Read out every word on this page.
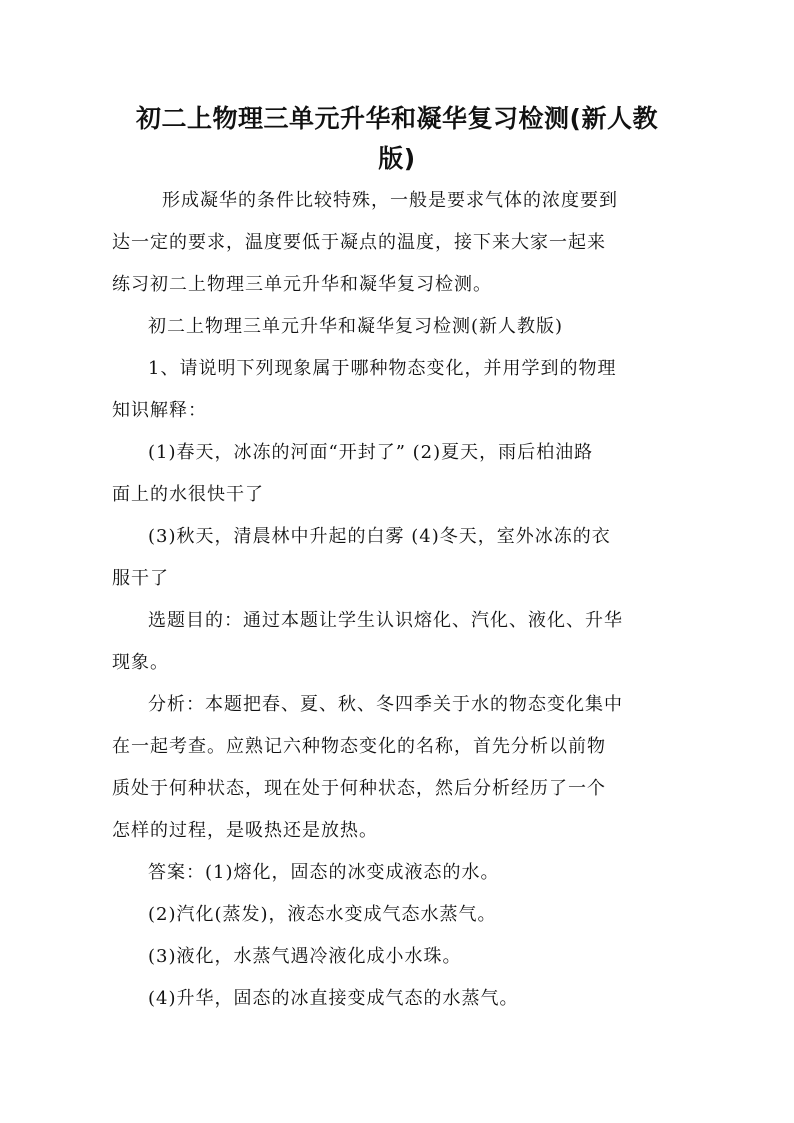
初二上物理三单元升华和凝华复习检测(新人教
版)

形成凝华的条件比较特殊，一般是要求气体的浓度要到

达一定的要求，温度要低于凝点的温度，接下来大家一起来

练习初二上物理三单元升华和凝华复习检测。

初二上物理三单元升华和凝华复习检测(新人教版)

1、请说明下列现象属于哪种物态变化，并用学到的物理

知识解释：

(1)春天，冰冻的河面“开封了” (2)夏天，雨后柏油路

面上的水很快干了

(3)秋天，清晨林中升起的白雾 (4)冬天，室外冰冻的衣

服干了

选题目的：通过本题让学生认识熔化、汽化、液化、升华

现象。

分析：本题把春、夏、秋、冬四季关于水的物态变化集中

在一起考查。应熟记六种物态变化的名称，首先分析以前物

质处于何种状态，现在处于何种状态，然后分析经历了一个

怎样的过程，是吸热还是放热。

答案：(1)熔化，固态的冰变成液态的水。

(2)汽化(蒸发)，液态水变成气态水蒸气。

(3)液化，水蒸气遇冷液化成小水珠。

(4)升华，固态的冰直接变成气态的水蒸气。
